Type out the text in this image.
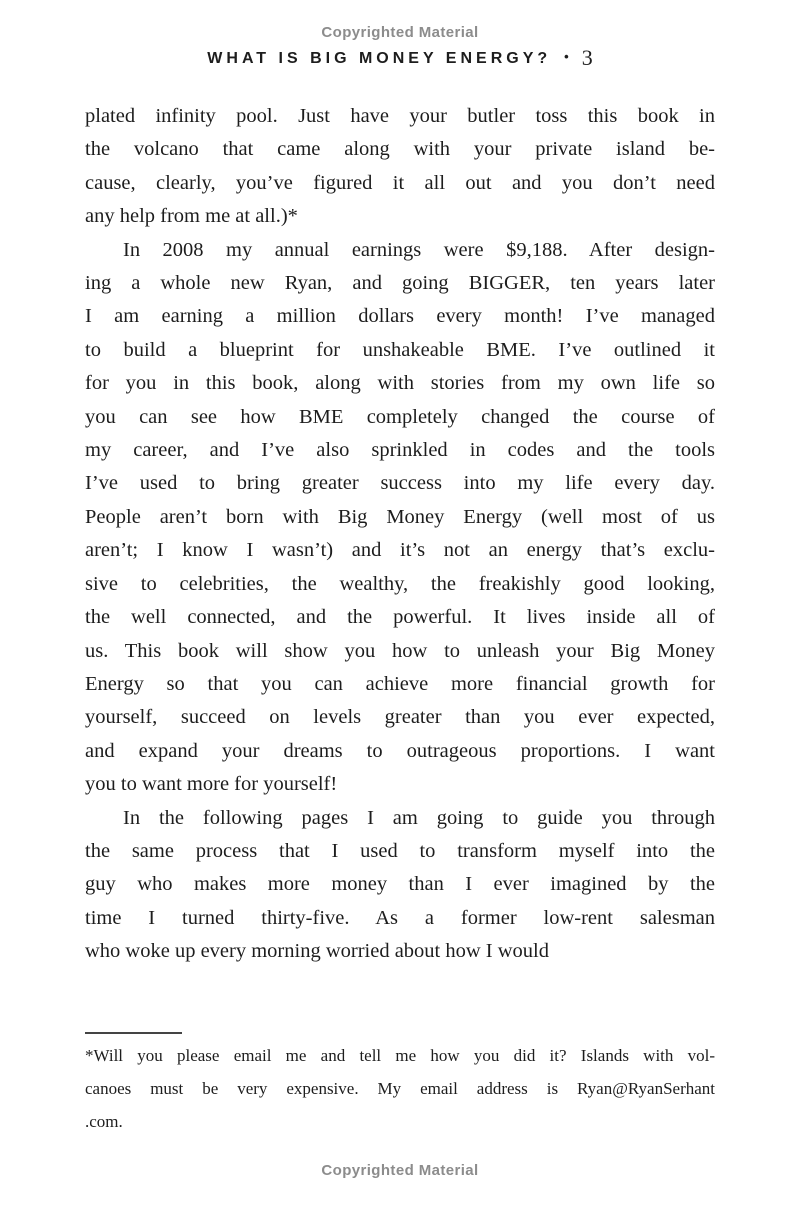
Copyrighted Material
WHAT IS BIG MONEY ENERGY? • 3
plated infinity pool. Just have your butler toss this book in
the volcano that came along with your private island be-
cause, clearly, you’ve figured it all out and you don’t need
any help from me at all.)*
In 2008 my annual earnings were $9,188. After design-
ing a whole new Ryan, and going BIGGER, ten years later
I am earning a million dollars every month! I’ve managed
to build a blueprint for unshakeable BME. I’ve outlined it
for you in this book, along with stories from my own life so
you can see how BME completely changed the course of
my career, and I’ve also sprinkled in codes and the tools
I’ve used to bring greater success into my life every day.
People aren’t born with Big Money Energy (well most of us
aren’t; I know I wasn’t) and it’s not an energy that’s exclu-
sive to celebrities, the wealthy, the freakishly good looking,
the well connected, and the powerful. It lives inside all of
us. This book will show you how to unleash your Big Money
Energy so that you can achieve more financial growth for
yourself, succeed on levels greater than you ever expected,
and expand your dreams to outrageous proportions. I want
you to want more for yourself!
In the following pages I am going to guide you through
the same process that I used to transform myself into the
guy who makes more money than I ever imagined by the
time I turned thirty-five. As a former low-rent salesman
who woke up every morning worried about how I would
*Will you please email me and tell me how you did it? Islands with vol-
canoes must be very expensive. My email address is Ryan@RyanSerhant
.com.
Copyrighted Material
